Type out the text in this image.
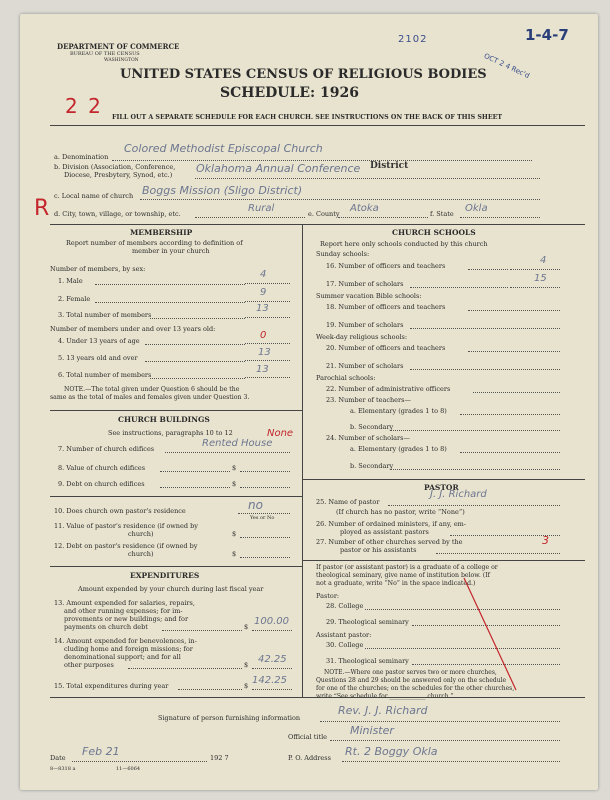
DEPARTMENT OF COMMERCE
BUREAU OF THE CENSUS
WASHINGTON
2102	1-4-7
OCT 2 4 Rec'd
UNITED STATES CENSUS OF RELIGIOUS BODIES
SCHEDULE: 1926
2 2 FILL OUT A SEPARATE SCHEDULE FOR EACH CHURCH. SEE INSTRUCTIONS ON THE BACK OF THIS SHEET
a. Denomination
Colored Methodist Episcopal Church
b. Division (Association, Conference,
Diocese, Presbytery, Synod, etc.) Oklahoma Annual Conference District
R c. Local name of church Boggs Mission (Sligo District)
d. City, town, village, or township, etc.	Rural	e. County Atoka	f. State Okla
MEMBERSHIP
Report number of members according to definition of
member in your church
Number of members, by sex:
1. Male
4
2. Female
9
3. Total number of members
13
Number of members under and over 13 years old:
4. Under 13 years of age	0
5. 13 years old and over	13
6. Total number of members	13
NOTE.—The total given under Question 6 should be the
same as the total of males and females given under Question 3.
CHURCH BUILDINGS
See instructions, paragraphs 10 to 12
7. Number of church edifices	Rented House
None
8. Value of church edifices	$
9. Debt on church edifices	$
10. Does church own pastor's residence	no
Yes or No
11. Value of pastor's residence (if owned by
church)	$
12. Debt on pastor's residence (if owned by
church)	$
EXPENDITURES
Amount expended by your church during last fiscal year
13. Amount expended for salaries, repairs,
and other running expenses; for im-
provements or new buildings; and for
payments on church debt	$ 100.00
14. Amount expended for benevolences, in-
cluding home and foreign missions; for
denominational support; and for all
other purposes	$ 42.25
15. Total expenditures during year	$ 142.25
CHURCH SCHOOLS
Report here only schools conducted by this church
Sunday schools:
16. Number of officers and teachers	4
17. Number of scholars	15
Summer vacation Bible schools:
18. Number of officers and teachers
19. Number of scholars
Week-day religious schools:
20. Number of officers and teachers
21. Number of scholars
Parochial schools:
22. Number of administrative officers
23. Number of teachers—
a. Elementary (grades 1 to 8)
b. Secondary
24. Number of scholars—
a. Elementary (grades 1 to 8)
b. Secondary
PASTOR
25. Name of pastor
J. J. Richard
(If church has no pastor, write “None”)
26. Number of ordained ministers, if any, em-
ployed as assistant pastors
27. Number of other churches served by the
pastor or his assistants
3
If pastor (or assistant pastor) is a graduate of a college or
theological seminary, give name of institution below. (If
not a graduate, write “No” in the space indicated.)
Pastor:
28. College
29. Theological seminary
Assistant pastor:
30. College
31. Theological seminary
NOTE.—Where one pastor serves two or more churches,
Questions 28 and 29 should be answered only on the schedule
for one of the churches; on the schedules for the other churches,
write “See schedule for ____________ church.”
Signature of person furnishing information
Rev. J. J. Richard
Official title Minister
Date Feb 21	192 7	P. O. Address Rt. 2 Boggy Okla
8—8318 a	11—6064
